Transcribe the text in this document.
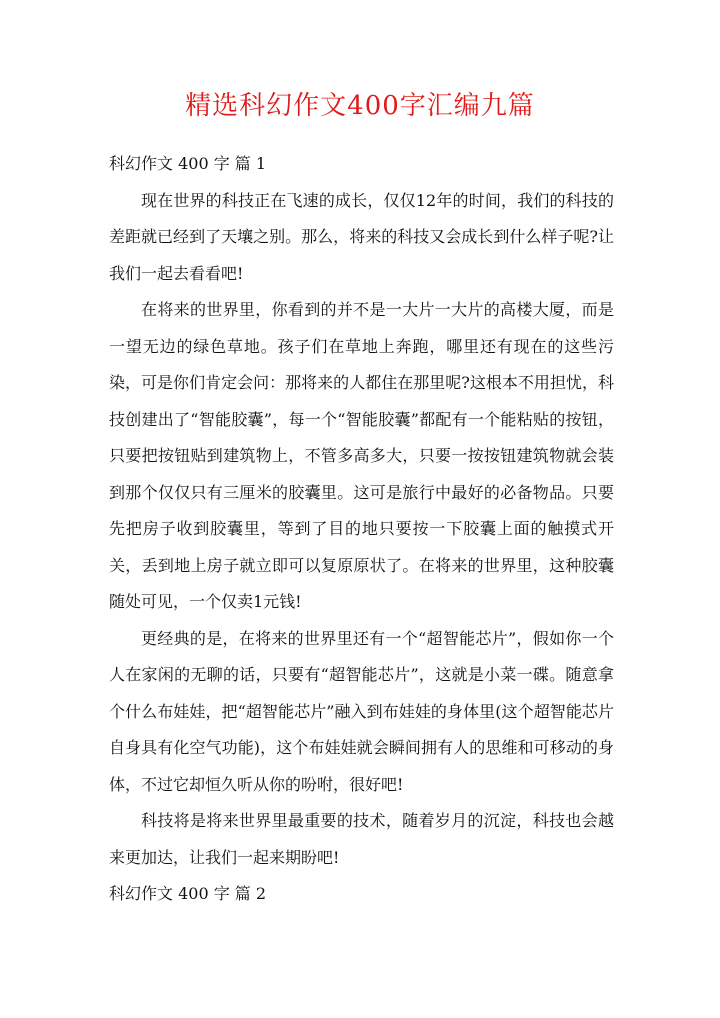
精选科幻作文400字汇编九篇
科幻作文 400 字 篇 1

现在世界的科技正在飞速的成长，仅仅12年的时间，我们的科技的差距就已经到了天壤之别。那么，将来的科技又会成长到什么样子呢?让我们一起去看看吧!

在将来的世界里，你看到的并不是一大片一大片的高楼大厦，而是一望无边的绿色草地。孩子们在草地上奔跑，哪里还有现在的这些污染，可是你们肯定会问：那将来的人都住在那里呢?这根本不用担忧，科技创建出了“智能胶囊”，每一个“智能胶囊”都配有一个能粘贴的按钮，只要把按钮贴到建筑物上，不管多高多大，只要一按按钮建筑物就会装到那个仅仅只有三厘米的胶囊里。这可是旅行中最好的必备物品。只要先把房子收到胶囊里，等到了目的地只要按一下胶囊上面的触摸式开关，丢到地上房子就立即可以复原原状了。在将来的世界里，这种胶囊随处可见，一个仅卖1元钱!

更经典的是，在将来的世界里还有一个“超智能芯片”，假如你一个人在家闲的无聊的话，只要有“超智能芯片”，这就是小菜一碟。随意拿个什么布娃娃，把“超智能芯片”融入到布娃娃的身体里(这个超智能芯片自身具有化空气功能)，这个布娃娃就会瞬间拥有人的思维和可移动的身体，不过它却恒久听从你的吩咐，很好吧!

科技将是将来世界里最重要的技术，随着岁月的沉淀，科技也会越来更加达，让我们一起来期盼吧!

科幻作文 400 字 篇 2
